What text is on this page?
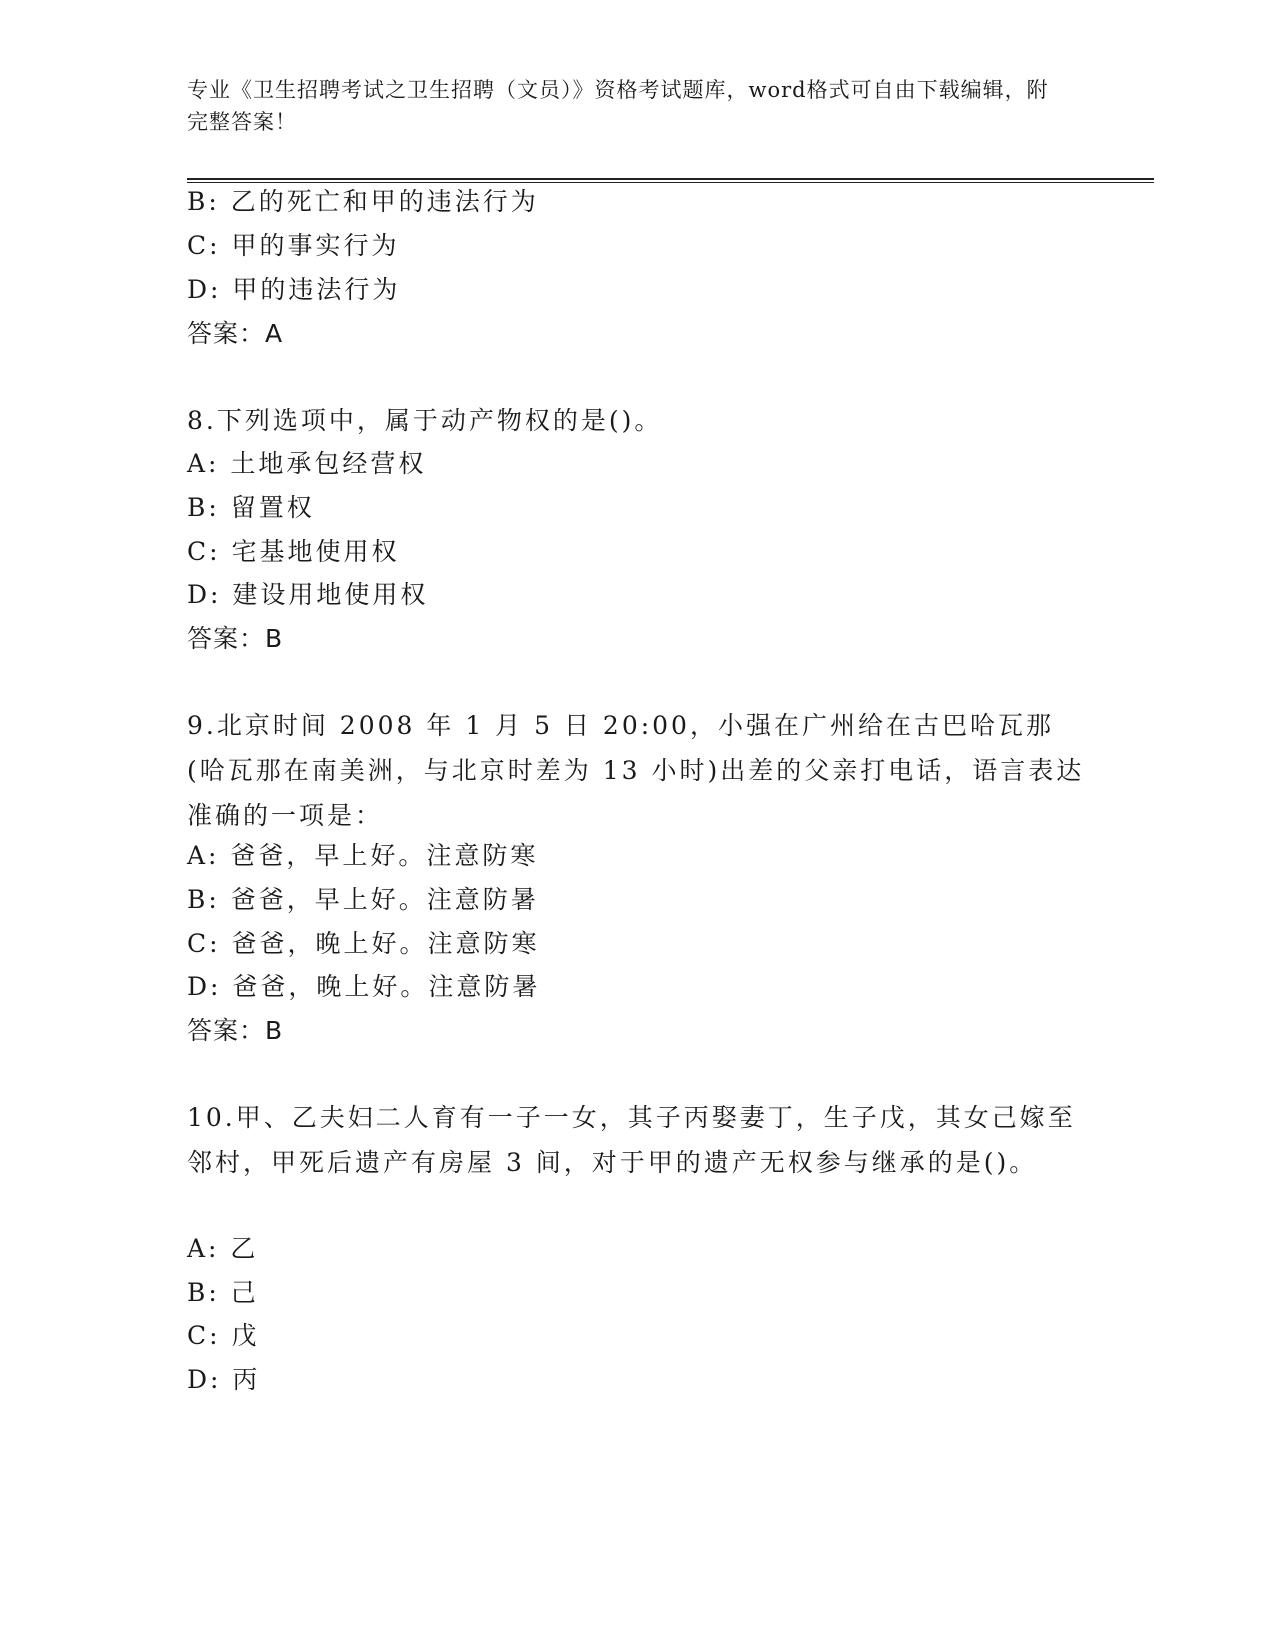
专业《卫生招聘考试之卫生招聘（文员）》资格考试题库，word格式可自由下载编辑，附完整答案！
B: 乙的死亡和甲的违法行为
C: 甲的事实行为
D: 甲的违法行为
答案：A
8.下列选项中，属于动产物权的是()。
A: 土地承包经营权
B: 留置权
C: 宅基地使用权
D: 建设用地使用权
答案：B
9.北京时间 2008 年 1 月 5 日 20:00，小强在广州给在古巴哈瓦那(哈瓦那在南美洲，与北京时差为 13 小时)出差的父亲打电话，语言表达准确的一项是：
A: 爸爸，早上好。注意防寒
B: 爸爸，早上好。注意防暑
C: 爸爸，晚上好。注意防寒
D: 爸爸，晚上好。注意防暑
答案：B
10.甲、乙夫妇二人育有一子一女，其子丙娶妻丁，生子戊，其女己嫁至邻村，甲死后遗产有房屋 3 间，对于甲的遗产无权参与继承的是()。
A: 乙
B: 己
C: 戊
D: 丙
